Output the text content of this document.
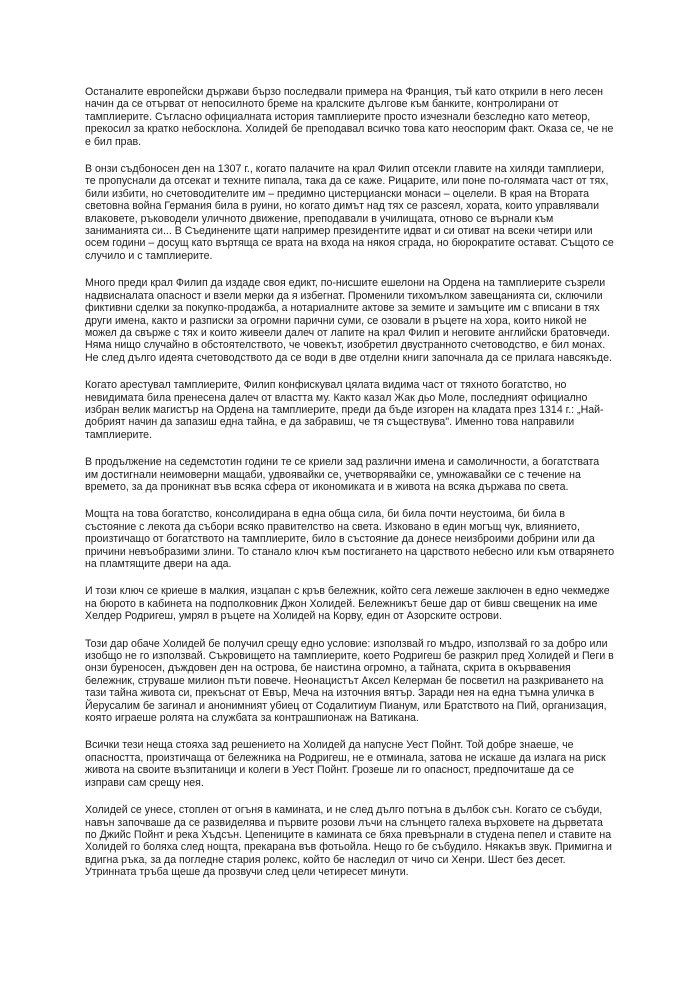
Останалите европейски държави бързо последвали примера на Франция, тъй като открили в него лесен начин да се отърват от непосилното бреме на кралските дългове към банките, контролирани от тамплиерите. Съгласно официалната история тамплиерите просто изчезнали безследно като метеор, прекосил за кратко небосклона. Холидей бе преподавал всичко това като неоспорим факт. Оказа се, че не е бил прав.

В онзи съдбоносен ден на 1307 г., когато палачите на крал Филип отсекли главите на хиляди тамплиери, те пропуснали да отсекат и техните пипала, така да се каже. Рицарите, или поне по-голямата част от тях, били избити, но счетоводителите им – предимно цистерциански монаси – оцелели. В края на Втората световна война Германия била в руини, но когато димът над тях се разсеял, хората, които управлявали влаковете, ръководели уличното движение, преподавали в училищата, отново се върнали към заниманията си... В Съединените щати например президентите идват и си отиват на всеки четири или осем години – досущ като въртяща се врата на входа на някоя сграда, но бюрократите остават. Същото се случило и с тамплиерите.

Много преди крал Филип да издаде своя едикт, по-нисшите ешелони на Ордена на тамплиерите съзрели надвисналата опасност и взели мерки да я избегнат. Променили тихомълком завещанията си, сключили фиктивни сделки за покупко-продажба, а нотариалните актове за земите и замъците им с вписани в тях други имена, както и разписки за огромни парични суми, се озовали в ръцете на хора, които никой не можел да свърже с тях и които живеели далеч от лапите на крал Филип и неговите английски братовчеди. Няма нищо случайно в обстоятелството, че човекът, изобретил двустранното счетоводство, е бил монах. Не след дълго идеята счетоводството да се води в две отделни книги започнала да се прилага навсякъде.

Когато арестувал тамплиерите, Филип конфискувал цялата видима част от тяхното богатство, но невидимата била пренесена далеч от властта му. Както казал Жак дьо Моле, последният официално избран велик магистър на Ордена на тамплиерите, преди да бъде изгорен на кладата през 1314 г.: „Най-добрият начин да запазиш една тайна, е да забравиш, че тя съществува". Именно това направили тамплиерите.

В продължение на седемстотин години те се криели зад различни имена и самоличности, а богатствата им достигнали неимоверни мащаби, удвоявайки се, учетворявайки се, умножавайки се с течение на времето, за да проникнат във всяка сфера от икономиката и в живота на всяка държава по света.

Мощта на това богатство, консолидирана в една обща сила, би била почти неустоима, би била в състояние с лекота да събори всяко правителство на света. Изковано в един могъщ чук, влиянието, произтичащо от богатството на тамплиерите, било в състояние да донесе неизброими добрини или да причини невъобразими злини. То станало ключ към постигането на царството небесно или към отварянето на пламтящите двери на ада.

И този ключ се криеше в малкия, изцапан с кръв бележник, който сега лежеше заключен в едно чекмедже на бюрото в кабинета на подполковник Джон Холидей. Бележникът беше дар от бивш свещеник на име Хелдер Родригеш, умрял в ръцете на Холидей на Корву, един от Азорските острови.

Този дар обаче Холидей бе получил срещу едно условие: използвай го мъдро, използвай го за добро или изобщо не го използвай. Съкровището на тамплиерите, което Родригеш бе разкрил пред Холидей и Пеги в онзи буреносен, дъждовен ден на острова, бе наистина огромно, а тайната, скрита в окървавения бележник, струваше милион пъти повече. Неонацистът Аксел Келерман бе посветил на разкриването на тази тайна живота си, прекъснат от Евър, Меча на източния вятър. Заради нея на една тъмна уличка в Йерусалим бе загинал и анонимният убиец от Содалитиум Пианум, или Братството на Пий, организация, която играеше ролята на службата за контрашпионаж на Ватикана.

Всички тези неща стояха зад решението на Холидей да напусне Уест Пойнт. Той добре знаеше, че опасността, произтичаща от бележника на Родригеш, не е отминала, затова не искаше да излага на риск живота на своите възпитаници и колеги в Уест Пойнт. Грозеше ли го опасност, предпочиташе да се изправи сам срещу нея.

Холидей се унесе, стоплен от огъня в камината, и не след дълго потъна в дълбок сън. Когато се събуди, навън започваше да се развиделява и първите розови лъчи на слънцето галеха върховете на дърветата по Джийс Пойнт и река Хъдсън. Цепениците в камината се бяха превърнали в студена пепел и ставите на Холидей го боляха след нощта, прекарана във фотьойла. Нещо го бе събудило. Някакъв звук. Примигна и вдигна ръка, за да погледне стария ролекс, който бе наследил от чичо си Хенри. Шест без десет. Утринната тръба щеше да прозвучи след цели четиресет минути.
